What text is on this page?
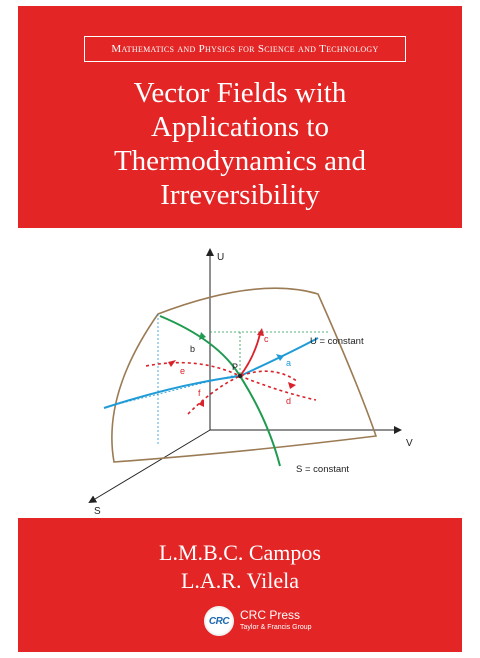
Mathematics and Physics for Science and Technology
Vector Fields with
Applications to
Thermodynamics and
Irreversibility
U
V
S
U = constant
S = constant
P	a
b
c
d
e
f
L.M.B.C. Campos
L.A.R. Vilela
CRC CRC Press
Taylor & Francis Group
